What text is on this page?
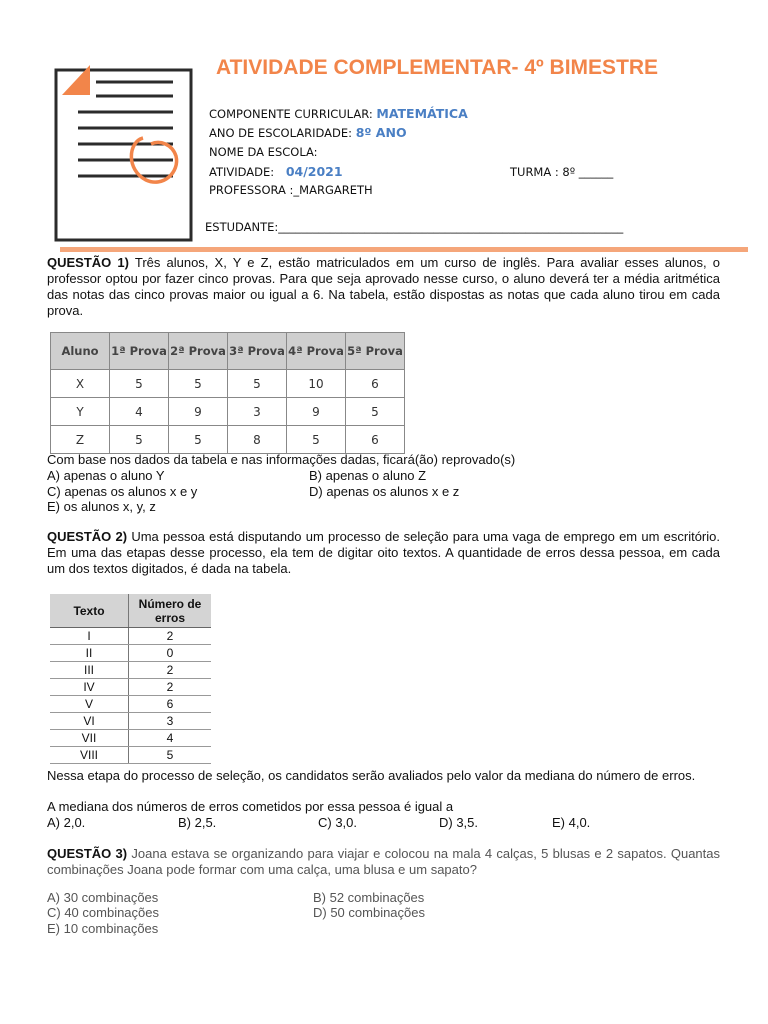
ATIVIDADE COMPLEMENTAR- 4º BIMESTRE
COMPONENTE CURRICULAR: MATEMÁTICA
ANO DE ESCOLARIDADE: 8º ANO
NOME DA ESCOLA:
ATIVIDADE: 04/2021	TURMA : 8º ______
PROFESSORA :_MARGARETH
ESTUDANTE:____________________________________________________________
QUESTÃO 1) Três alunos, X, Y e Z, estão matriculados em um curso de inglês. Para avaliar esses alunos, o professor optou por fazer cinco provas. Para que seja aprovado nesse curso, o aluno deverá ter a média aritmética das notas das cinco provas maior ou igual a 6. Na tabela, estão dispostas as notas que cada aluno tirou em cada prova.
Aluno	1ª Prova	2ª Prova	3ª Prova	4ª Prova	5ª Prova
X	5	5	5	10	6
Y	4	9	3	9	5
Z	5	5	8	5	6
Com base nos dados da tabela e nas informações dadas, ficará(ão) reprovado(s)
A) apenas o aluno Y	B) apenas o aluno Z
C) apenas os alunos x e y	D) apenas os alunos x e z
E) os alunos x, y, z
QUESTÃO 2) Uma pessoa está disputando um processo de seleção para uma vaga de emprego em um escritório. Em uma das etapas desse processo, ela tem de digitar oito textos. A quantidade de erros dessa pessoa, em cada um dos textos digitados, é dada na tabela.
Texto	Número de erros
I	2
II	0
III	2
IV	2
V	6
VI	3
VII	4
VIII	5
Nessa etapa do processo de seleção, os candidatos serão avaliados pelo valor da mediana do número de erros.
A mediana dos números de erros cometidos por essa pessoa é igual a
A) 2,0.	B) 2,5.	C) 3,0.	D) 3,5.	E) 4,0.
QUESTÃO 3) Joana estava se organizando para viajar e colocou na mala 4 calças, 5 blusas e 2 sapatos. Quantas combinações Joana pode formar com uma calça, uma blusa e um sapato?
A) 30 combinações	B) 52 combinações
C) 40 combinações	D) 50 combinações
E) 10 combinações
